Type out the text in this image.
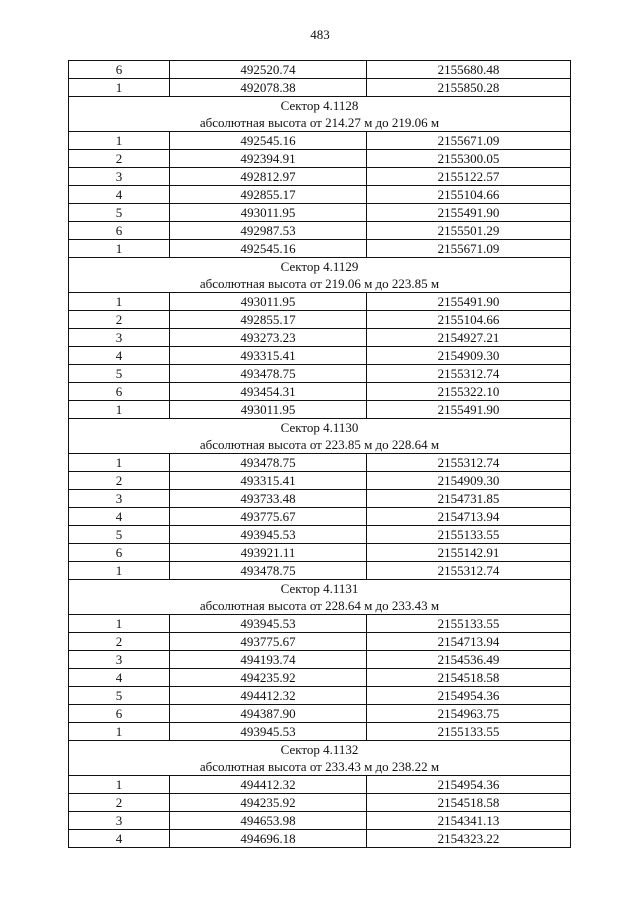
483
6	492520.74	2155680.48
1	492078.38	2155850.28
Сектор 4.1128		
абсолютная высота от 214.27 м до 219.06 м		
1	492545.16	2155671.09
2	492394.91	2155300.05
3	492812.97	2155122.57
4	492855.17	2155104.66
5	493011.95	2155491.90
6	492987.53	2155501.29
1	492545.16	2155671.09
Сектор 4.1129		
абсолютная высота от 219.06 м до 223.85 м		
1	493011.95	2155491.90
2	492855.17	2155104.66
3	493273.23	2154927.21
4	493315.41	2154909.30
5	493478.75	2155312.74
6	493454.31	2155322.10
1	493011.95	2155491.90
Сектор 4.1130		
абсолютная высота от 223.85 м до 228.64 м		
1	493478.75	2155312.74
2	493315.41	2154909.30
3	493733.48	2154731.85
4	493775.67	2154713.94
5	493945.53	2155133.55
6	493921.11	2155142.91
1	493478.75	2155312.74
Сектор 4.1131		
абсолютная высота от 228.64 м до 233.43 м		
1	493945.53	2155133.55
2	493775.67	2154713.94
3	494193.74	2154536.49
4	494235.92	2154518.58
5	494412.32	2154954.36
6	494387.90	2154963.75
1	493945.53	2155133.55
Сектор 4.1132		
абсолютная высота от 233.43 м до 238.22 м		
1	494412.32	2154954.36
2	494235.92	2154518.58
3	494653.98	2154341.13
4	494696.18	2154323.22
